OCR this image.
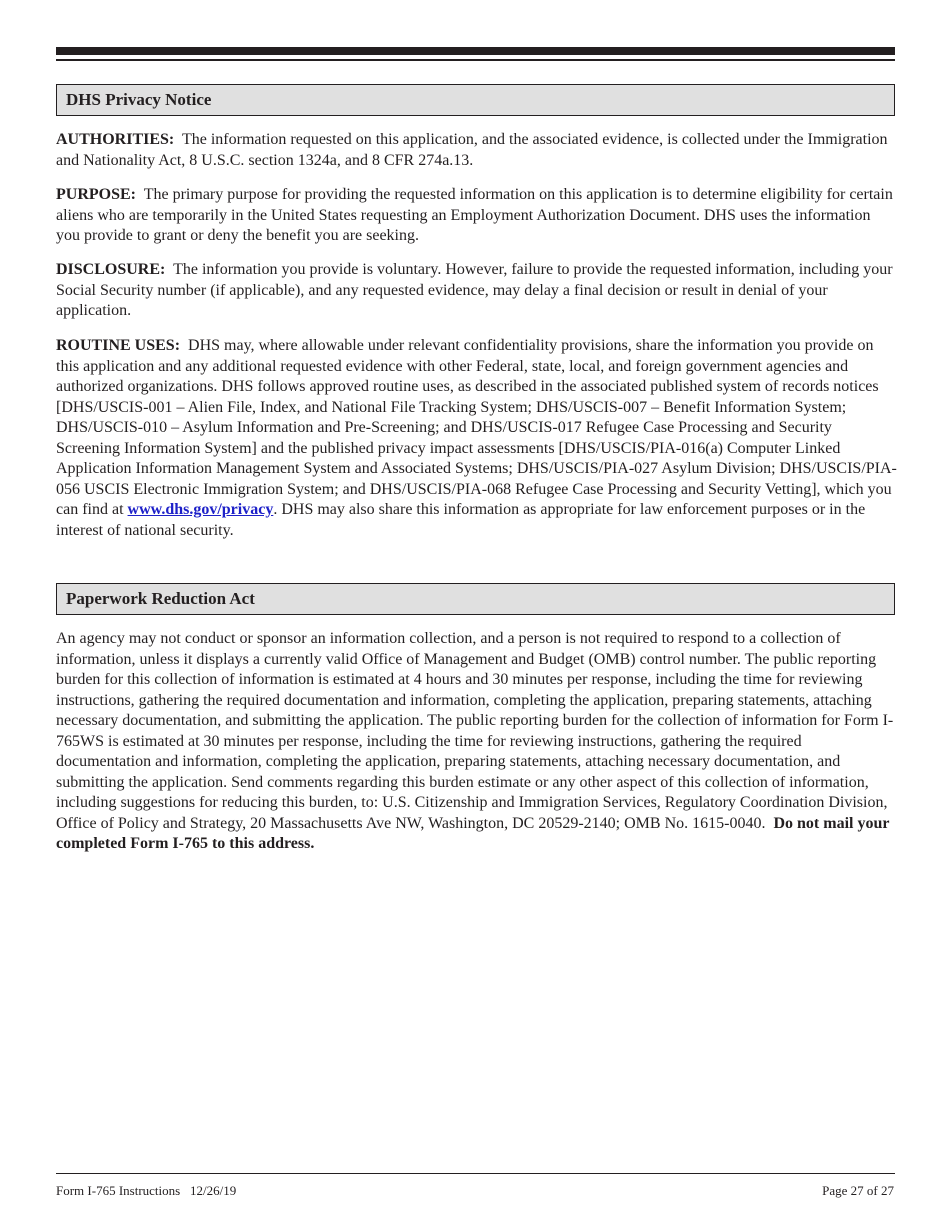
DHS Privacy Notice

AUTHORITIES: The information requested on this application, and the associated evidence, is collected under the Immigration and Nationality Act, 8 U.S.C. section 1324a, and 8 CFR 274a.13.

PURPOSE: The primary purpose for providing the requested information on this application is to determine eligibility for certain aliens who are temporarily in the United States requesting an Employment Authorization Document. DHS uses the information you provide to grant or deny the benefit you are seeking.

DISCLOSURE: The information you provide is voluntary. However, failure to provide the requested information, including your Social Security number (if applicable), and any requested evidence, may delay a final decision or result in denial of your application.

ROUTINE USES: DHS may, where allowable under relevant confidentiality provisions, share the information you provide on this application and any additional requested evidence with other Federal, state, local, and foreign government agencies and authorized organizations. DHS follows approved routine uses, as described in the associated published system of records notices [DHS/USCIS-001 – Alien File, Index, and National File Tracking System; DHS/USCIS-007 – Benefit Information System; DHS/USCIS-010 – Asylum Information and Pre-Screening; and DHS/USCIS-017 Refugee Case Processing and Security Screening Information System] and the published privacy impact assessments [DHS/USCIS/PIA-016(a) Computer Linked Application Information Management System and Associated Systems; DHS/USCIS/PIA-027 Asylum Division; DHS/USCIS/PIA-056 USCIS Electronic Immigration System; and DHS/USCIS/PIA-068 Refugee Case Processing and Security Vetting], which you can find at www.dhs.gov/privacy. DHS may also share this information as appropriate for law enforcement purposes or in the interest of national security.

Paperwork Reduction Act

An agency may not conduct or sponsor an information collection, and a person is not required to respond to a collection of information, unless it displays a currently valid Office of Management and Budget (OMB) control number. The public reporting burden for this collection of information is estimated at 4 hours and 30 minutes per response, including the time for reviewing instructions, gathering the required documentation and information, completing the application, preparing statements, attaching necessary documentation, and submitting the application. The public reporting burden for the collection of information for Form I-765WS is estimated at 30 minutes per response, including the time for reviewing instructions, gathering the required documentation and information, completing the application, preparing statements, attaching necessary documentation, and submitting the application. Send comments regarding this burden estimate or any other aspect of this collection of information, including suggestions for reducing this burden, to: U.S. Citizenship and Immigration Services, Regulatory Coordination Division, Office of Policy and Strategy, 20 Massachusetts Ave NW, Washington, DC 20529-2140; OMB No. 1615-0040. Do not mail your completed Form I-765 to this address.

Form I-765 Instructions 12/26/19	Page 27 of 27
